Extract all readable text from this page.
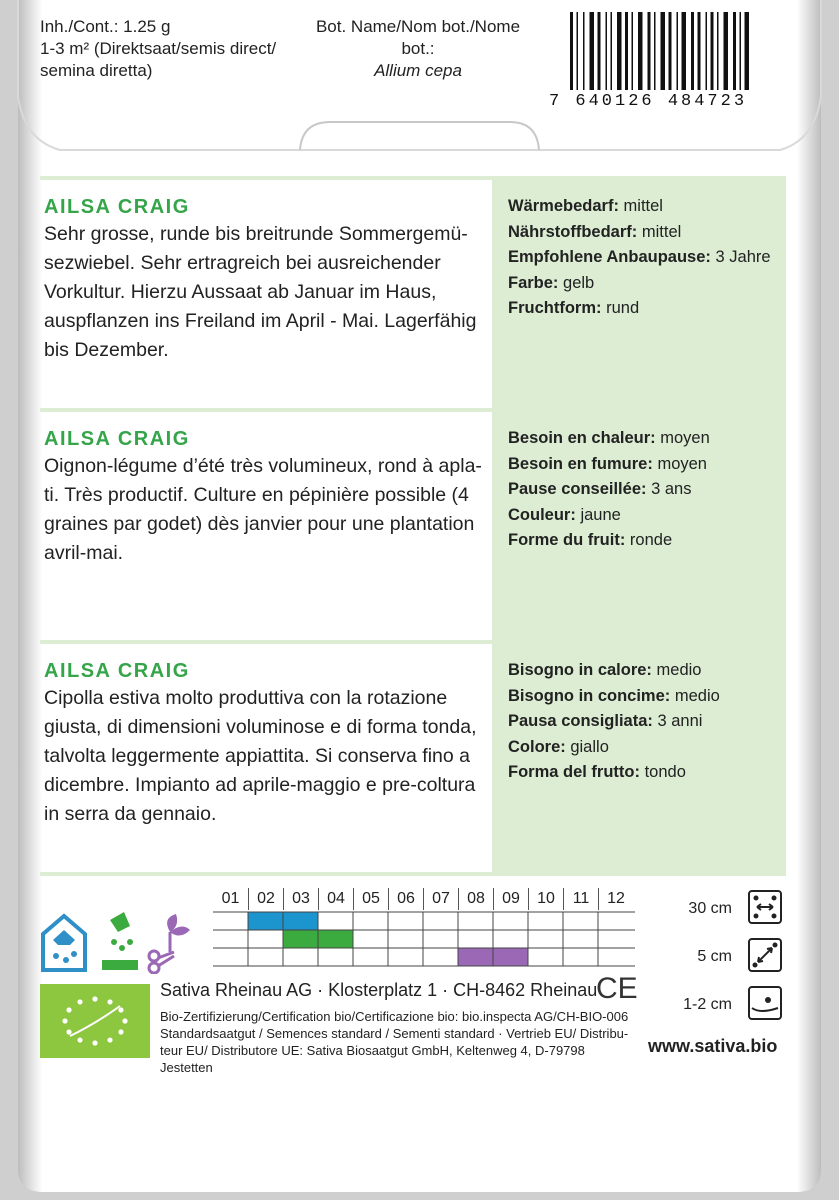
Inh./Cont.: 1.25 g
1-3 m² (Direktsaat/semis direct/
semina diretta)
Bot. Name/Nom bot./Nome bot.:
Allium cepa
7 640126 484723
AILSA CRAIG
Sehr grosse, runde bis breitrunde Sommergemü-
sezwiebel. Sehr ertragreich bei ausreichender
Vorkultur. Hierzu Aussaat ab Januar im Haus,
auspflanzen ins Freiland im April - Mai. Lagerfähig
bis Dezember.
Wärmebedarf: mittel
Nährstoffbedarf: mittel
Empfohlene Anbaupause: 3 Jahre
Farbe: gelb
Fruchtform: rund
AILSA CRAIG
Oignon-légume d’été très volumineux, rond à apla-
ti. Très productif. Culture en pépinière possible (4
graines par godet) dès janvier pour une plantation
avril-mai.
Besoin en chaleur: moyen
Besoin en fumure: moyen
Pause conseillée: 3 ans
Couleur: jaune
Forme du fruit: ronde
AILSA CRAIG
Cipolla estiva molto produttiva con la rotazione
giusta, di dimensioni voluminose e di forma tonda,
talvolta leggermente appiattita. Si conserva fino a
dicembre. Impianto ad aprile-maggio e pre-coltura
in serra da gennaio.
Bisogno in calore: medio
Bisogno in concime: medio
Pausa consigliata: 3 anni
Colore: giallo
Forma del frutto: tondo
01	02	03	04	05	06	07	08	09	10	11	12
30 cm
5 cm
1-2 cm
Sativa Rheinau AG · Klosterplatz 1 · CH-8462 Rheinau
CE
Bio-Zertifizierung/Certification bio/Certificazione bio: bio.inspecta AG/CH-BIO-006
Standardsaatgut / Semences standard / Sementi standard · Vertrieb EU/ Distribu-
teur EU/ Distributore UE: Sativa Biosaatgut GmbH, Keltenweg 4, D-79798 Jestetten
www.sativa.bio
